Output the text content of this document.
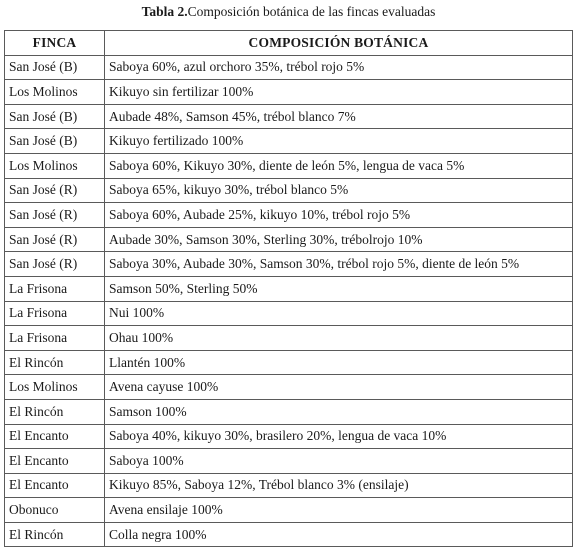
Tabla 2.Composición botánica de las fincas evaluadas
FINCA	COMPOSICIÓN BOTÁNICA
San José (B)	Saboya 60%, azul orchoro 35%, trébol rojo 5%
Los Molinos	Kikuyo sin fertilizar 100%
San José (B)	Aubade 48%, Samson 45%, trébol blanco 7%
San José (B)	Kikuyo fertilizado 100%
Los Molinos	Saboya 60%, Kikuyo 30%, diente de león 5%, lengua de vaca 5%
San José (R)	Saboya 65%, kikuyo 30%, trébol blanco 5%
San José (R)	Saboya 60%, Aubade 25%, kikuyo 10%, trébol rojo 5%
San José (R)	Aubade 30%, Samson 30%, Sterling 30%, trébolrojo 10%
San José (R)	Saboya 30%, Aubade 30%, Samson 30%, trébol rojo 5%, diente de león 5%
La Frisona	Samson 50%, Sterling 50%
La Frisona	Nui 100%
La Frisona	Ohau 100%
El Rincón	Llantén 100%
Los Molinos	Avena cayuse 100%
El Rincón	Samson 100%
El Encanto	Saboya 40%, kikuyo 30%, brasilero 20%, lengua de vaca 10%
El Encanto	Saboya 100%
El Encanto	Kikuyo 85%, Saboya 12%, Trébol blanco 3% (ensilaje)
Obonuco	Avena ensilaje 100%
El Rincón	Colla negra 100%
